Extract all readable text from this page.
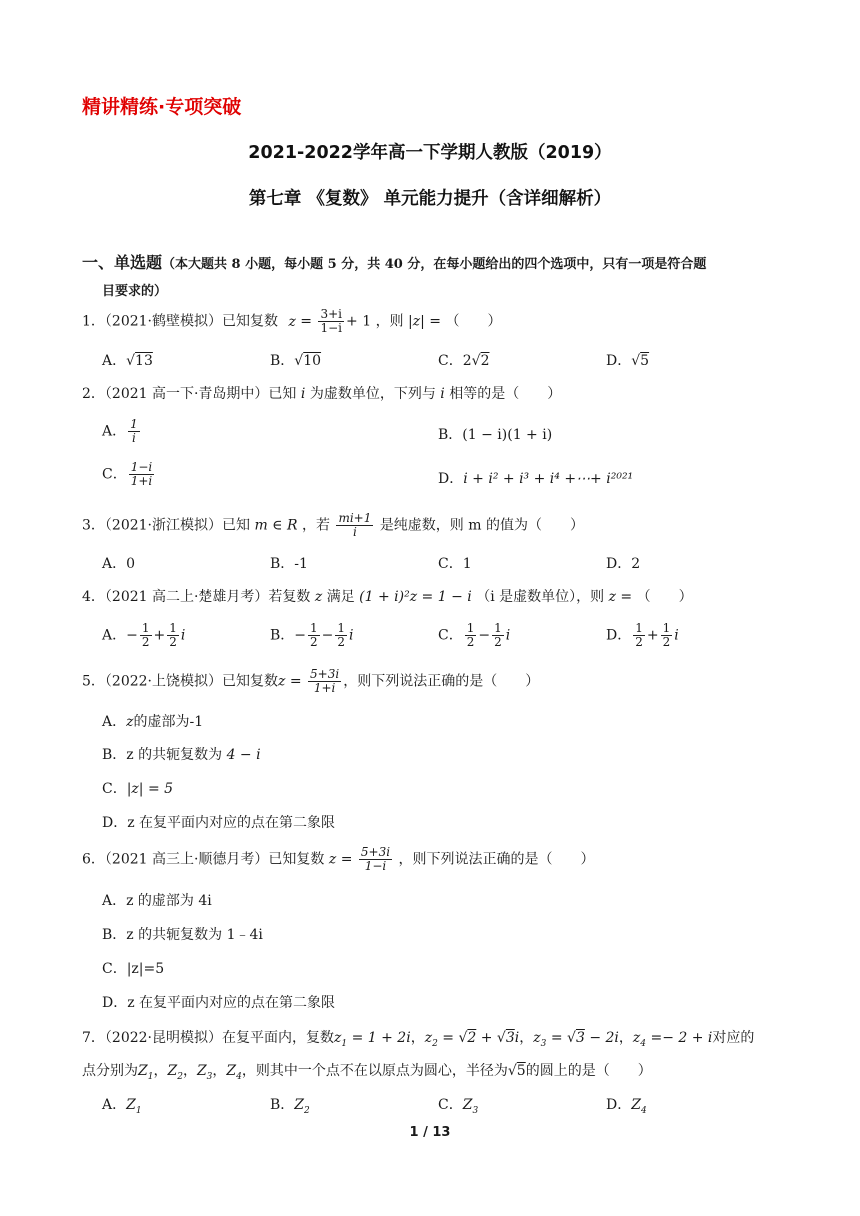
精讲精练·专项突破
2021-2022学年高一下学期人教版（2019）
第七章 《复数》 单元能力提升（含详细解析）
一、单选题（本大题共 8 小题，每小题 5 分，共 40 分，在每小题给出的四个选项中，只有一项是符合题
目要求的）
1．（2021·鹤壁模拟）已知复数 $z = \frac{3+i}{1-i} + 1$ ，则 |z| = （　　）
A．√13	B．√10	C．2√2	D．√5
2．（2021 高一下·青岛期中）已知 i 为虚数单位，下列与 i 相等的是（　　）
A． $\frac{1}{i}$	B．(1 − i)(1 + i)
C． $\frac{1-i}{1+i}$	D．i + i² + i³ + i⁴ +⋯+ i²⁰²¹
3．（2021·浙江模拟）已知 m ∈ R ，若 $\frac{mi+1}{i}$ 是纯虚数，则 m 的值为（　　）
A．0	B．-1	C．1	D．2
4．（2021 高二上·楚雄月考）若复数 z 满足 (1 + i)²z = 1 − i （i 是虚数单位），则 z = （　　）
A．− $\frac{1}{2} + \frac{1}{2}$ i	B．− $\frac{1}{2} - \frac{1}{2}$ i	C． $\frac{1}{2} - \frac{1}{2}$ i	D． $\frac{1}{2} + \frac{1}{2}$ i
5．（2022·上饶模拟）已知复数$z = \frac{5+3i}{1+i}$ ，则下列说法正确的是（　　）
A．z的虚部为-1
B．z 的共轭复数为 4 − i
C．|z| = 5
D．z 在复平面内对应的点在第二象限
6．（2021 高三上·顺德月考）已知复数 $z = \frac{5+3i}{1-i}$ ，则下列说法正确的是（　　）
A．z 的虚部为 4i
B．z 的共轭复数为 1﹣4i
C．|z|=5
D．z 在复平面内对应的点在第二象限
7．（2022·昆明模拟）在复平面内，复数$z_1 = 1 + 2i$，$z_2 = √2 + √3i$，$z_3 = √3 - 2i$，$z_4 =- 2 + i$对应的
点分别为$Z_1$，$Z_2$，$Z_3$，$Z_4$，则其中一个点不在以原点为圆心，半径为√5的圆上的是（　　）
A．$Z_1$	B．$Z_2$	C．$Z_3$	D．$Z_4$
1 / 13
